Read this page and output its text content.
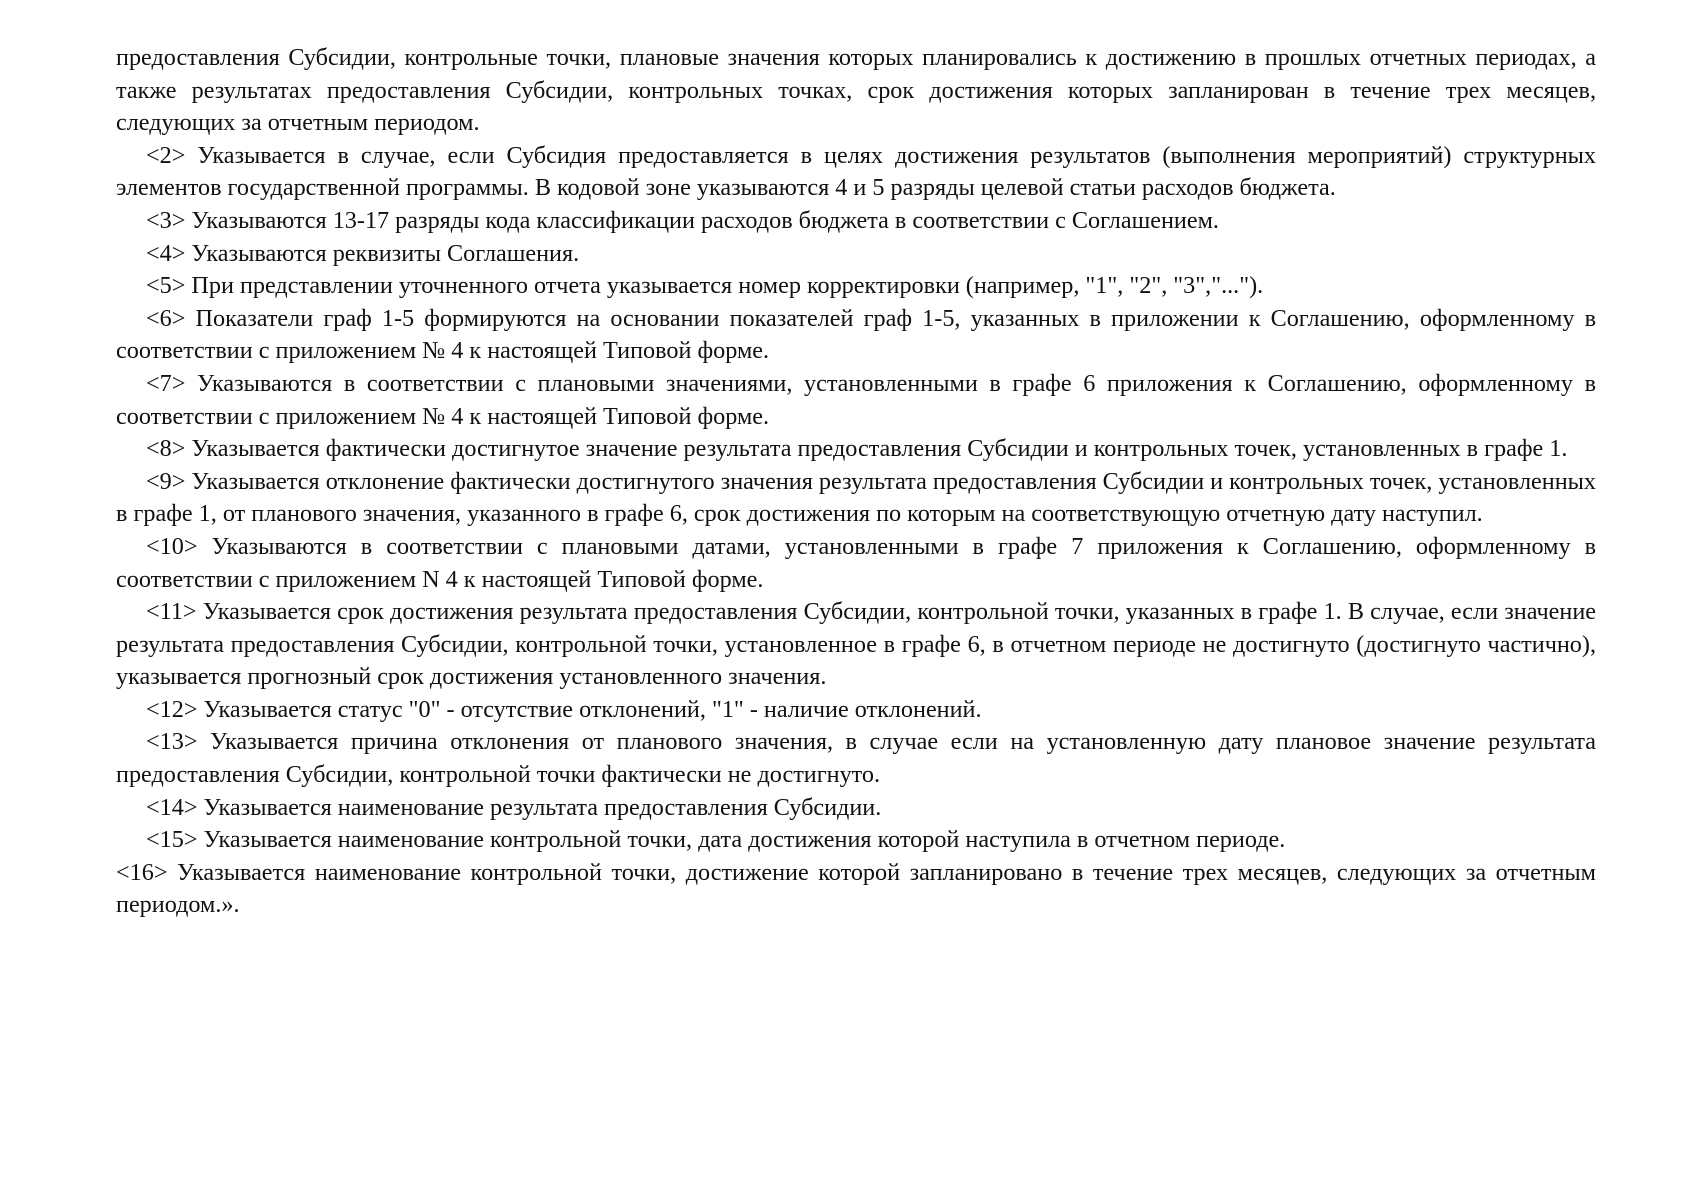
предоставления Субсидии, контрольные точки, плановые значения которых планировались к достижению в прошлых отчетных периодах, а также результатах предоставления Субсидии, контрольных точках, срок достижения которых запланирован в течение трех месяцев, следующих за отчетным периодом.

<2> Указывается в случае, если Субсидия предоставляется в целях достижения результатов (выполнения мероприятий) структурных элементов государственной программы. В кодовой зоне указываются 4 и 5 разряды целевой статьи расходов бюджета.

<3> Указываются 13-17 разряды кода классификации расходов бюджета в соответствии с Соглашением.

<4> Указываются реквизиты Соглашения.

<5> При представлении уточненного отчета указывается номер корректировки (например, "1", "2", "3","...").

<6> Показатели граф 1-5 формируются на основании показателей граф 1-5, указанных в приложении к Соглашению, оформленному в соответствии с приложением № 4 к настоящей Типовой форме.

<7> Указываются в соответствии с плановыми значениями, установленными в графе 6 приложения к Соглашению, оформленному в соответствии с приложением № 4 к настоящей Типовой форме.

<8> Указывается фактически достигнутое значение результата предоставления Субсидии и контрольных точек, установленных в графе 1.

<9> Указывается отклонение фактически достигнутого значения результата предоставления Субсидии и контрольных точек, установленных в графе 1, от планового значения, указанного в графе 6, срок достижения по которым на соответствующую отчетную дату наступил.

<10> Указываются в соответствии с плановыми датами, установленными в графе 7 приложения к Соглашению, оформленному в соответствии с приложением N 4 к настоящей Типовой форме.

<11> Указывается срок достижения результата предоставления Субсидии, контрольной точки, указанных в графе 1. В случае, если значение результата предоставления Субсидии, контрольной точки, установленное в графе 6, в отчетном периоде не достигнуто (достигнуто частично), указывается прогнозный срок достижения установленного значения.

<12> Указывается статус "0" - отсутствие отклонений, "1" - наличие отклонений.

<13> Указывается причина отклонения от планового значения, в случае если на установленную дату плановое значение результата предоставления Субсидии, контрольной точки фактически не достигнуто.

<14> Указывается наименование результата предоставления Субсидии.

<15> Указывается наименование контрольной точки, дата достижения которой наступила в отчетном периоде.

<16> Указывается наименование контрольной точки, достижение которой запланировано в течение трех месяцев, следующих за отчетным периодом.».
